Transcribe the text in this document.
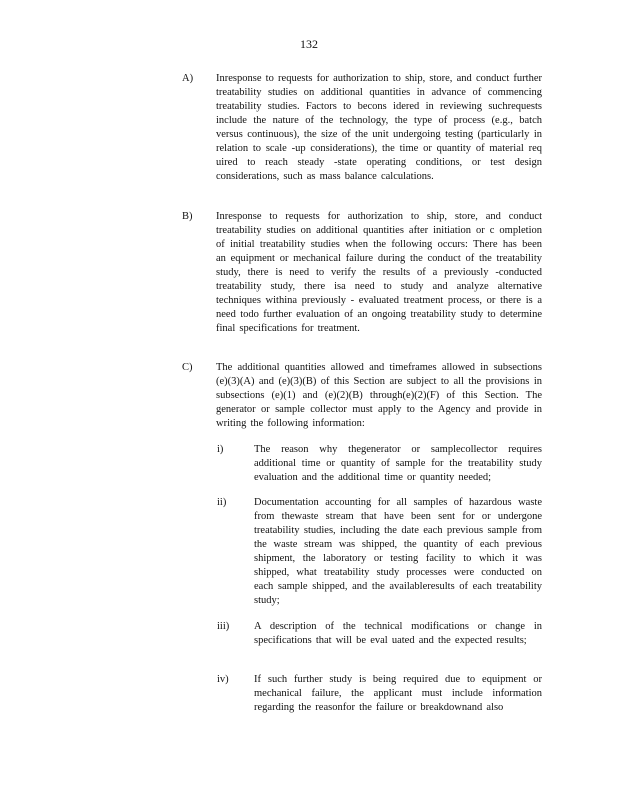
132
A) Inresponse to requests for authorization to ship, store, and conduct further treatability studies on additional quantities in advance of commencing treatability studies. Factors to becons idered in reviewing suchrequests include the nature of the technology, the type of process (e.g., batch versus continuous), the size of the unit undergoing testing (particularly in relation to scale -up considerations), the time or quantity of material req uired to reach steady -state operating conditions, or test design considerations, such as mass balance calculations.
B) Inresponse to requests for authorization to ship, store, and conduct treatability studies on additional quantities after initiation or c ompletion of initial treatability studies when the following occurs: There has been an equipment or mechanical failure during the conduct of the treatability study, there is need to verify the results of a previously -conducted treatability study, there isa need to study and analyze alternative techniques withina previously - evaluated treatment process, or there is a need todo further evaluation of an ongoing treatability study to determine final specifications for treatment.
C) The additional quantities allowed and timeframes allowed in subsections (e)(3)(A) and (e)(3)(B) of this Section are subject to all the provisions in subsections (e)(1) and (e)(2)(B) through(e)(2)(F) of this Section. The generator or sample collector must apply to the Agency and provide in writing the following information:
i)	The reason why thegenerator or samplecollector requires additional time or quantity of sample for the treatability study evaluation and the additional time or quantity needed;
ii)	Documentation accounting for all samples of hazardous waste from thewaste stream that have been sent for or undergone treatability studies, including the date each previous sample from the waste stream was shipped, the quantity of each previous shipment, the laboratory or testing facility to which it was shipped, what treatability study processes were conducted on each sample shipped, and the availableresults of each treatability study;
iii) A description of the technical modifications or change in specifications that will be eval uated and the expected results;
iv) If such further study is being required due to equipment or mechanical failure, the applicant must include information regarding the reasonfor the failure or breakdownand also
